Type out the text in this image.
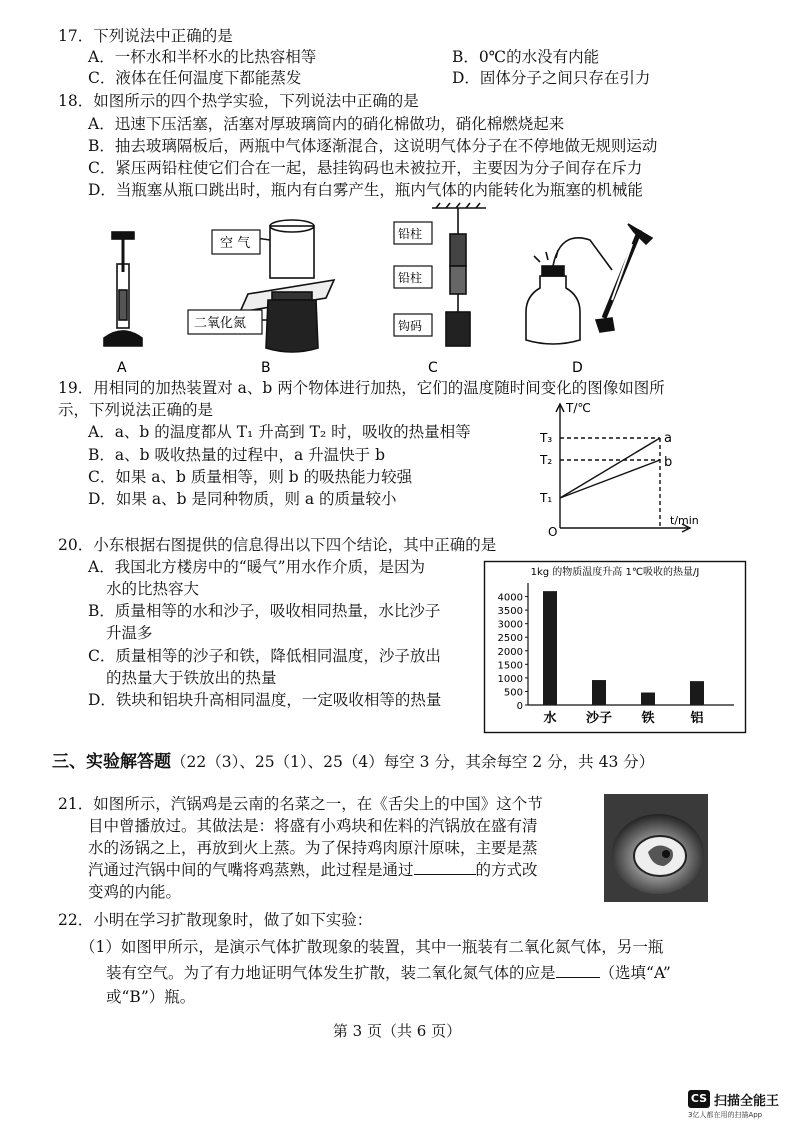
17．下列说法中正确的是
A．一杯水和半杯水的比热容相等	B．0℃的水没有内能
C．液体在任何温度下都能蒸发	D．固体分子之间只存在引力
18．如图所示的四个热学实验，下列说法中正确的是
A．迅速下压活塞，活塞对厚玻璃筒内的硝化棉做功，硝化棉燃烧起来
B．抽去玻璃隔板后，两瓶中气体逐渐混合，这说明气体分子在不停地做无规则运动
C．紧压两铅柱使它们合在一起，悬挂钩码也未被拉开，主要因为分子间存在斥力
D．当瓶塞从瓶口跳出时，瓶内有白雾产生，瓶内气体的内能转化为瓶塞的机械能
A
空 气
二氧化氮
B
铅柱
铅柱
钩码
C	D
19．用相同的加热装置对 a、b 两个物体进行加热，它们的温度随时间变化的图像如图所
示，下列说法正确的是
A．a、b 的温度都从 T₁ 升高到 T₂ 时，吸收的热量相等
B．a、b 吸收热量的过程中，a 升温快于 b
C．如果 a、b 质量相等，则 b 的吸热能力较强
D．如果 a、b 是同种物质，则 a 的质量较小
T/℃
t/min
O
T₃
T₂
T₁
a
b
20．小东根据右图提供的信息得出以下四个结论，其中正确的是
A．我国北方楼房中的“暖气”用水作介质，是因为
水的比热容大
B．质量相等的水和沙子，吸收相同热量，水比沙子
升温多
C．质量相等的沙子和铁，降低相同温度，沙子放出
的热量大于铁放出的热量
D．铁块和铝块升高相同温度，一定吸收相等的热量
1kg 的物质温度升高 1℃吸收的热量/J
0
500
1000
1500
2000
2500
3000
3500
4000
水 沙子 铁	铝
三、实验解答题（22（3）、25（1）、25（4）每空 3 分，其余每空 2 分，共 43 分）
21．如图所示，汽锅鸡是云南的名菜之一，在《舌尖上的中国》这个节
目中曾播放过。其做法是：将盛有小鸡块和佐料的汽锅放在盛有清
水的汤锅之上，再放到火上蒸。为了保持鸡肉原汁原味，主要是蒸
汽通过汽锅中间的气嘴将鸡蒸熟，此过程是通过	的方式改
变鸡的内能。
22．小明在学习扩散现象时，做了如下实验：
（1）如图甲所示，是演示气体扩散现象的装置，其中一瓶装有二氧化氮气体，另一瓶
装有空气。为了有力地证明气体发生扩散，装二氧化氮气体的应是	（选填“A”
或“B”）瓶。
第 3 页（共 6 页）
CS 扫描全能王
3亿人都在用的扫描App
